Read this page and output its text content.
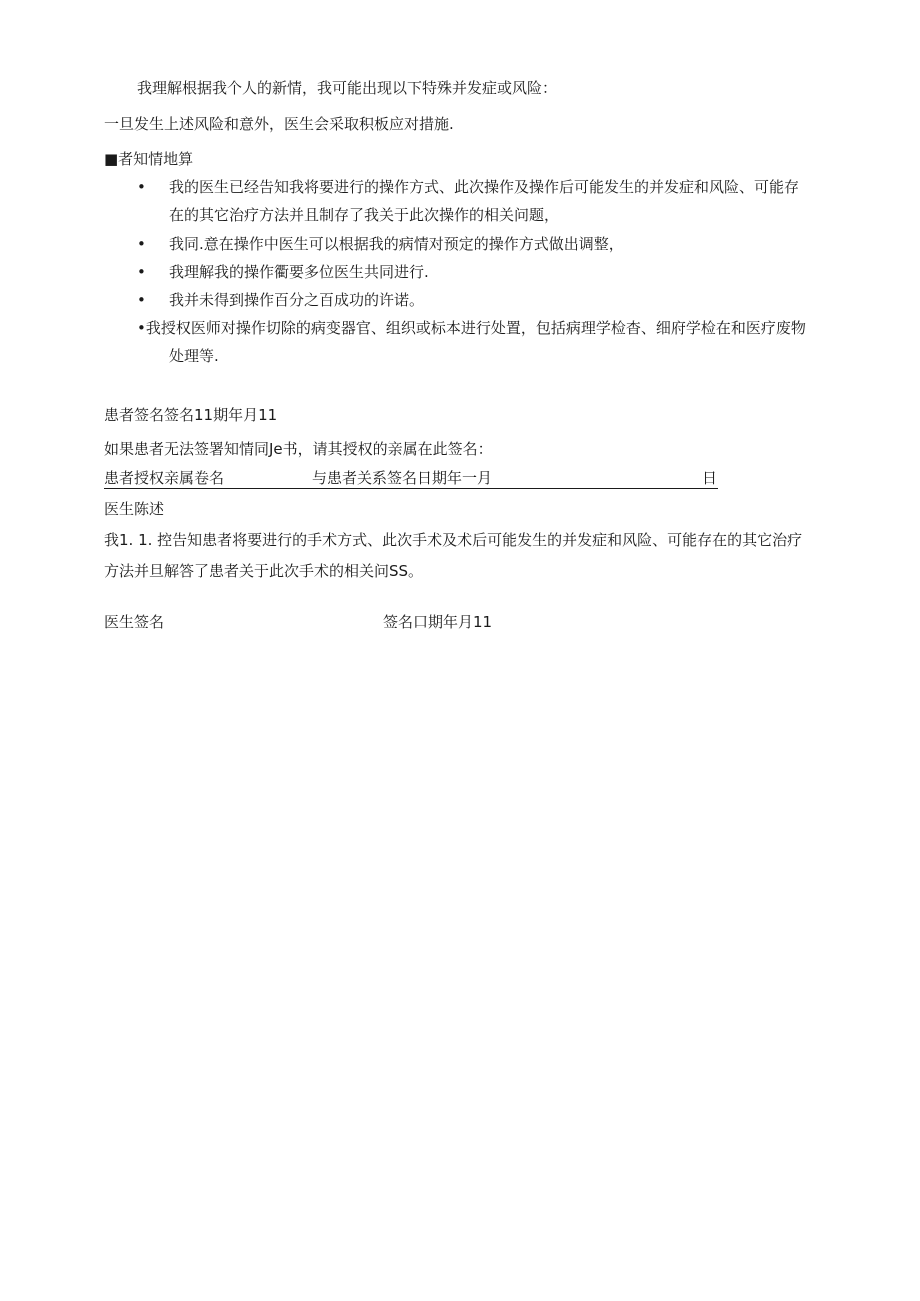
我理解根据我个人的新情，我可能出现以下特殊并发症或风险：
一旦发生上述风险和意外，医生会采取积板应对措施.
■者知情地算
• 我的医生已经告知我将要进行的操作方式、此次操作及操作后可能发生的并发症和风险、可能存
在的其它治疗方法并且制存了我关于此次操作的相关问题，
• 我同.意在操作中医生可以根据我的病情对预定的操作方式做出调整，
• 我理解我的操作衢要多位医生共同进行.
• 我并未得到操作百分之百成功的许诺。
•我授权医师对操作切除的病变器官、组织或标本进行处置，包括病理学检杳、细府学检在和医疗废物
处理等.
患者签名签名11期年月11
如果患者无法签署知情同Je书，请其授权的亲属在此签名：
患者授权亲属卷名	与患者关系签名日期年一月	日
医生陈述
我1. 1. 控告知患者将要进行的手术方式、此次手术及术后可能发生的并发症和风险、可能存在的其它治疗
方法并旦解答了患者关于此次手术的相关问SS。
医生签名	签名口期年月11
